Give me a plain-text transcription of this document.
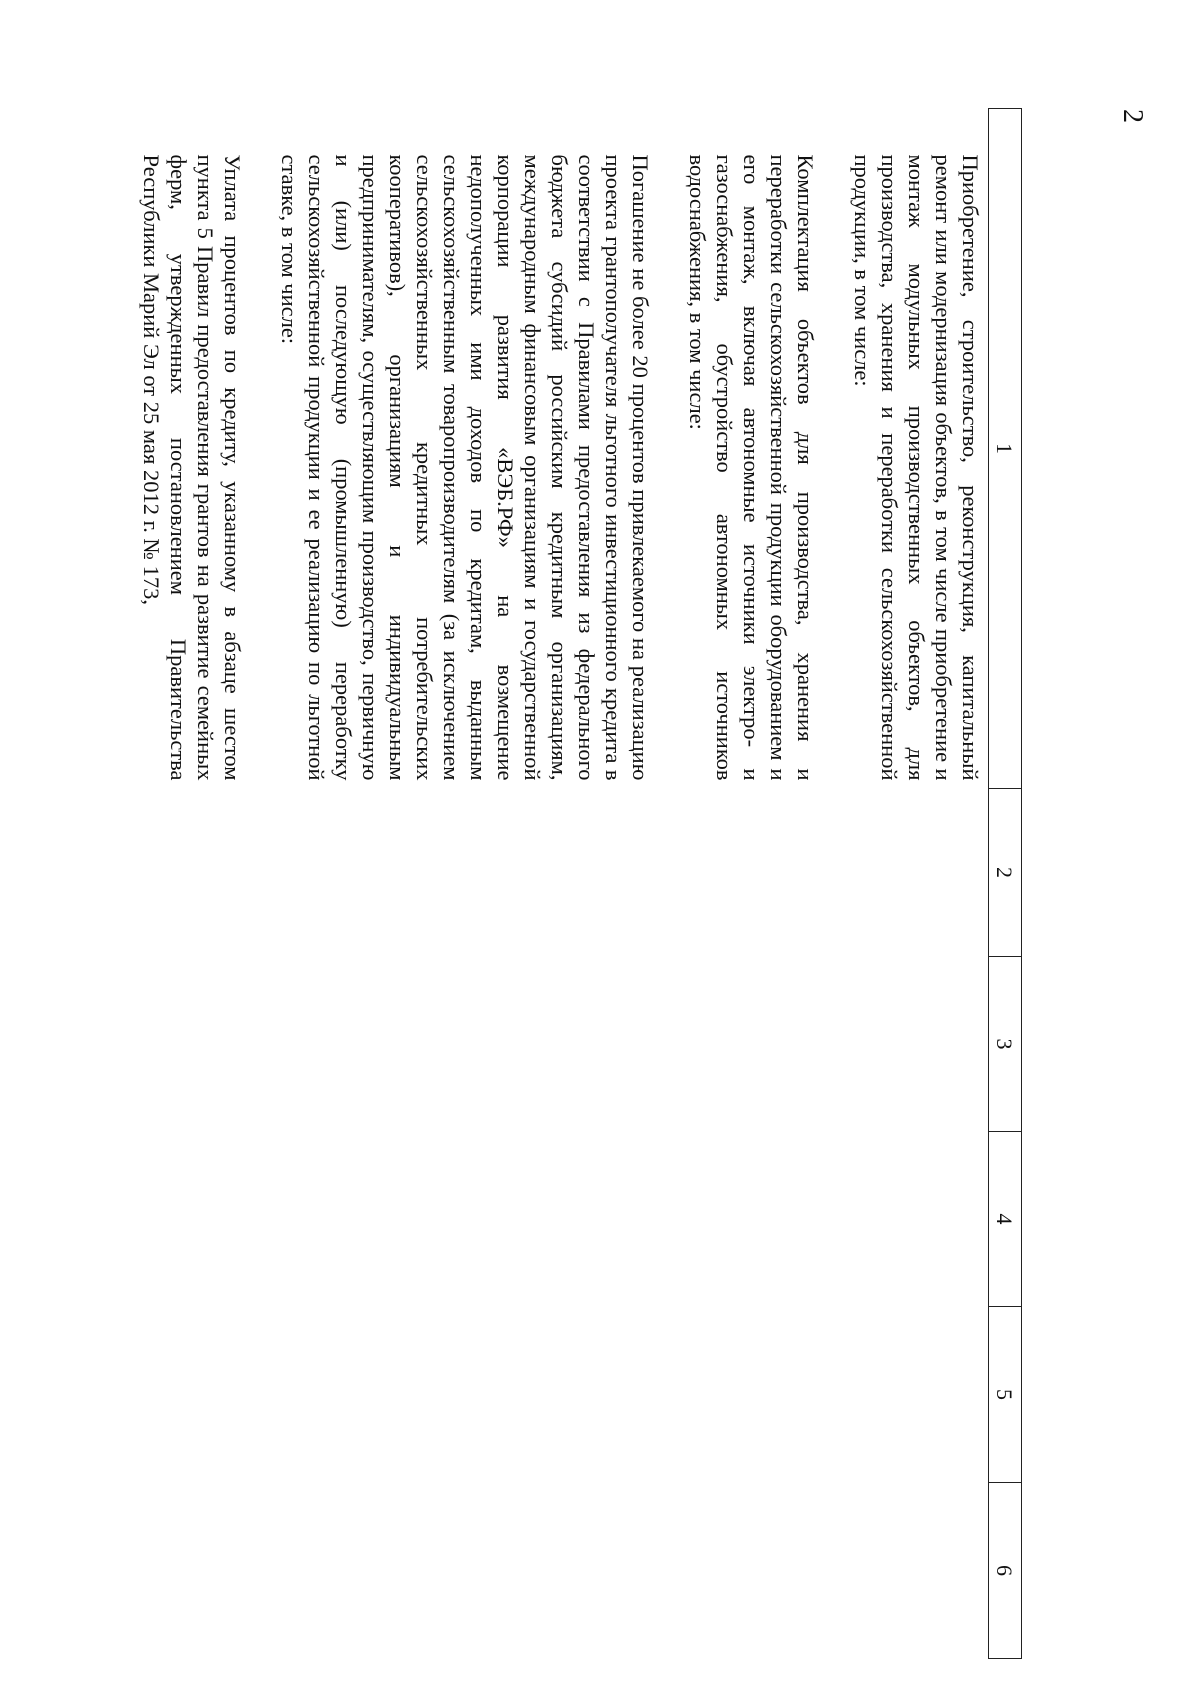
2
1	2	3	4	5	6

Приобретение, строительство, реконструкция, капитальный ремонт или модернизация объектов, в том числе приобретение и монтаж модульных производственных объектов, для производства, хранения и переработки сельскохозяйственной продукции, в том числе:

Комплектация объектов для производства, хранения и переработки сельскохозяйственной продукции оборудованием и его монтаж, включая автономные источники электро- и газоснабжения, обустройство автономных источников водоснабжения, в том числе:

Погашение не более 20 процентов привлекаемого на реализацию проекта грантополучателя льготного инвестиционного кредита в соответствии с Правилами предоставления из федерального бюджета субсидий российским кредитным организациям, международным финансовым организациям и государственной корпорации развития «ВЭБ.РФ» на возмещение недополученных ими доходов по кредитам, выданным сельскохозяйственным товаропроизводителям (за исключением сельскохозяйственных кредитных потребительских кооперативов), организациям и индивидуальным предпринимателям, осуществляющим производство, первичную и (или) последующую (промышленную) переработку сельскохозяйственной продукции и ее реализацию по льготной ставке, в том числе:

Уплата процентов по кредиту, указанному в абзаце шестом пункта 5 Правил предоставления грантов на развитие семейных ферм, утвержденных постановлением Правительства Республики Марий Эл от 25 мая 2012 г. № 173,					
